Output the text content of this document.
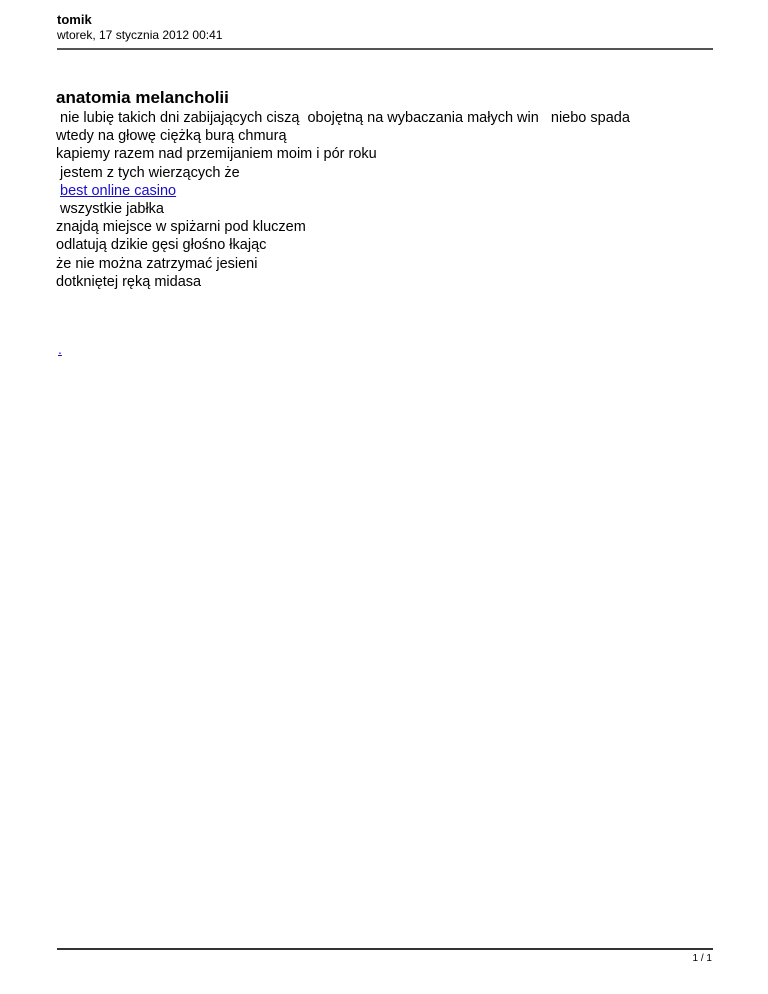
tomik

wtorek, 17 stycznia 2012 00:41

anatomia melancholii

nie lubię takich dni zabijających ciszą  obojętną na wybaczania małych win   niebo spada

wtedy na głowę ciężką burą chmurą

kapiemy razem nad przemijaniem moim i pór roku

jestem z tych wierzących że

best online casino

wszystkie jabłka

znajdą miejsce w spiżarni pod kluczem

odlatują dzikie gęsi głośno łkając

że nie można zatrzymać jesieni

dotkniętej ręką midasa

.
1 / 1
